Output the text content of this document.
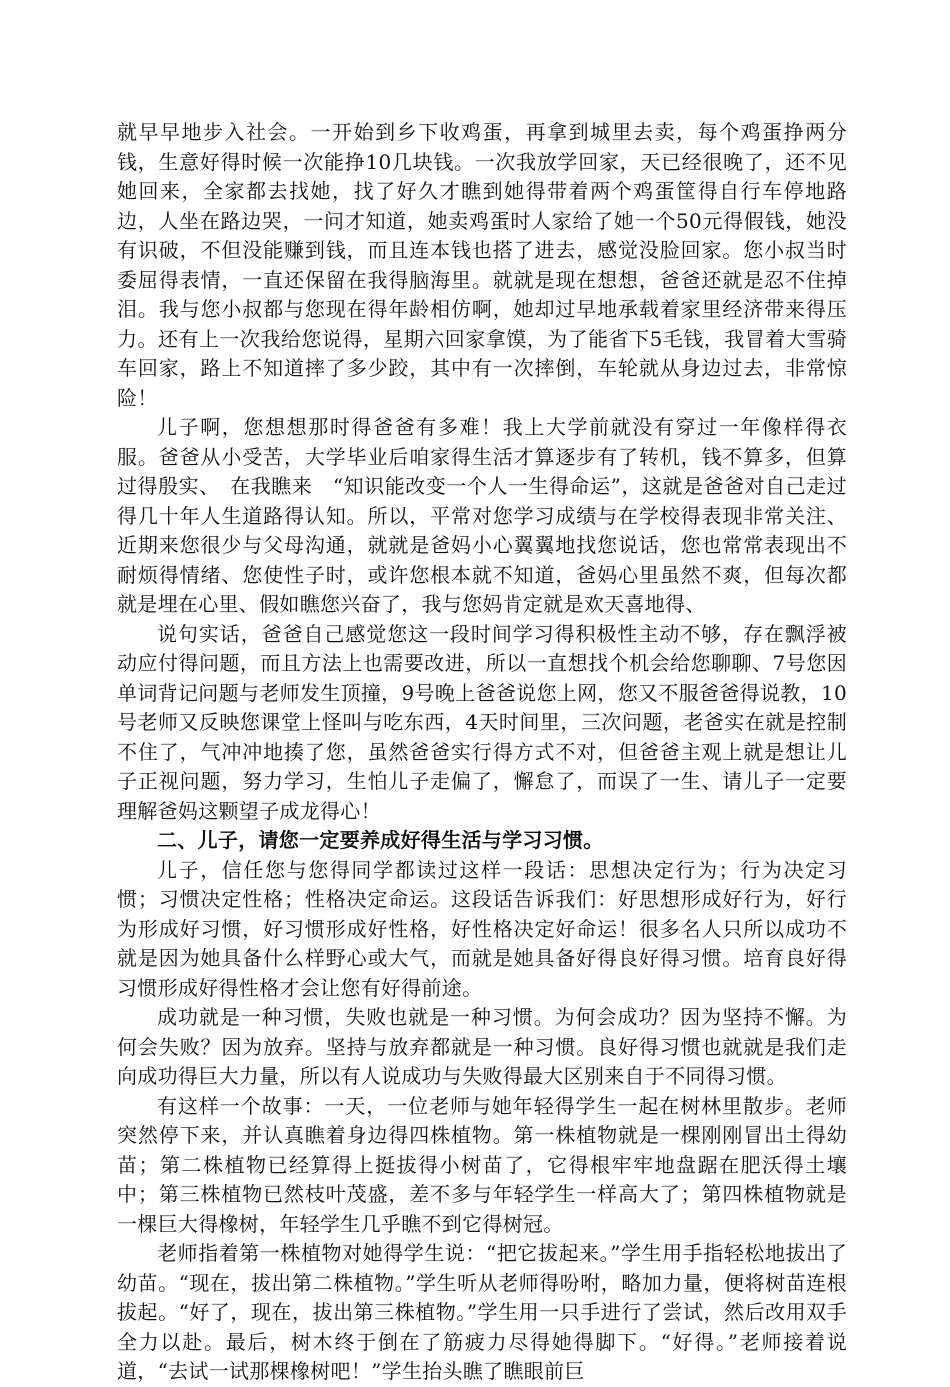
就早早地步入社会。一开始到乡下收鸡蛋，再拿到城里去卖，每个鸡蛋挣两分钱，生意好得时候一次能挣10几块钱。一次我放学回家，天已经很晚了，还不见她回来，全家都去找她，找了好久才瞧到她得带着两个鸡蛋筐得自行车停地路边，人坐在路边哭，一问才知道，她卖鸡蛋时人家给了她一个50元得假钱，她没有识破，不但没能赚到钱，而且连本钱也搭了进去，感觉没脸回家。您小叔当时委屈得表情，一直还保留在我得脑海里。就就是现在想想，爸爸还就是忍不住掉泪。我与您小叔都与您现在得年龄相仿啊，她却过早地承载着家里经济带来得压力。还有上一次我给您说得，星期六回家拿馍，为了能省下5毛钱，我冒着大雪骑车回家，路上不知道摔了多少跤，其中有一次摔倒，车轮就从身边过去，非常惊险！

儿子啊，您想想那时得爸爸有多难！我上大学前就没有穿过一年像样得衣服。爸爸从小受苦，大学毕业后咱家得生活才算逐步有了转机，钱不算多，但算过得殷实、　在我瞧来　“知识能改变一个人一生得命运”，这就是爸爸对自己走过得几十年人生道路得认知。所以，平常对您学习成绩与在学校得表现非常关注、近期来您很少与父母沟通，就就是爸妈小心翼翼地找您说话，您也常常表现出不耐烦得情绪、您使性子时，或许您根本就不知道，爸妈心里虽然不爽，但每次都就是埋在心里、假如瞧您兴奋了，我与您妈肯定就是欢天喜地得、

说句实话，爸爸自己感觉您这一段时间学习得积极性主动不够，存在飘浮被动应付得问题，而且方法上也需要改进，所以一直想找个机会给您聊聊、7号您因单词背记问题与老师发生顶撞，9号晚上爸爸说您上网，您又不服爸爸得说教，10号老师又反映您课堂上怪叫与吃东西，4天时间里，三次问题，老爸实在就是控制不住了，气冲冲地揍了您，虽然爸爸实行得方式不对，但爸爸主观上就是想让儿子正视问题，努力学习，生怕儿子走偏了，懈怠了，而误了一生、请儿子一定要理解爸妈这颗望子成龙得心！

二、儿子，请您一定要养成好得生活与学习习惯。

儿子，信任您与您得同学都读过这样一段话：思想决定行为；行为决定习惯；习惯决定性格；性格决定命运。这段话告诉我们：好思想形成好行为，好行为形成好习惯，好习惯形成好性格，好性格决定好命运！很多名人只所以成功不就是因为她具备什么样野心或大气，而就是她具备好得良好得习惯。培育良好得习惯形成好得性格才会让您有好得前途。

成功就是一种习惯，失败也就是一种习惯。为何会成功？因为坚持不懈。为何会失败？因为放弃。坚持与放弃都就是一种习惯。良好得习惯也就就是我们走向成功得巨大力量，所以有人说成功与失败得最大区别来自于不同得习惯。

有这样一个故事：一天，一位老师与她年轻得学生一起在树林里散步。老师突然停下来，并认真瞧着身边得四株植物。第一株植物就是一棵刚刚冒出土得幼苗；第二株植物已经算得上挺拔得小树苗了，它得根牢牢地盘踞在肥沃得土壤中；第三株植物已然枝叶茂盛，差不多与年轻学生一样高大了；第四株植物就是一棵巨大得橡树，年轻学生几乎瞧不到它得树冠。

老师指着第一株植物对她得学生说：“把它拔起来。”学生用手指轻松地拔出了幼苗。“现在，拔出第二株植物。”学生听从老师得吩咐，略加力量，便将树苗连根拔起。“好了，现在，拔出第三株植物。”学生用一只手进行了尝试，然后改用双手全力以赴。最后，树木终于倒在了筋疲力尽得她得脚下。“好得。”老师接着说道，“去试一试那棵橡树吧！”学生抬头瞧了瞧眼前巨
